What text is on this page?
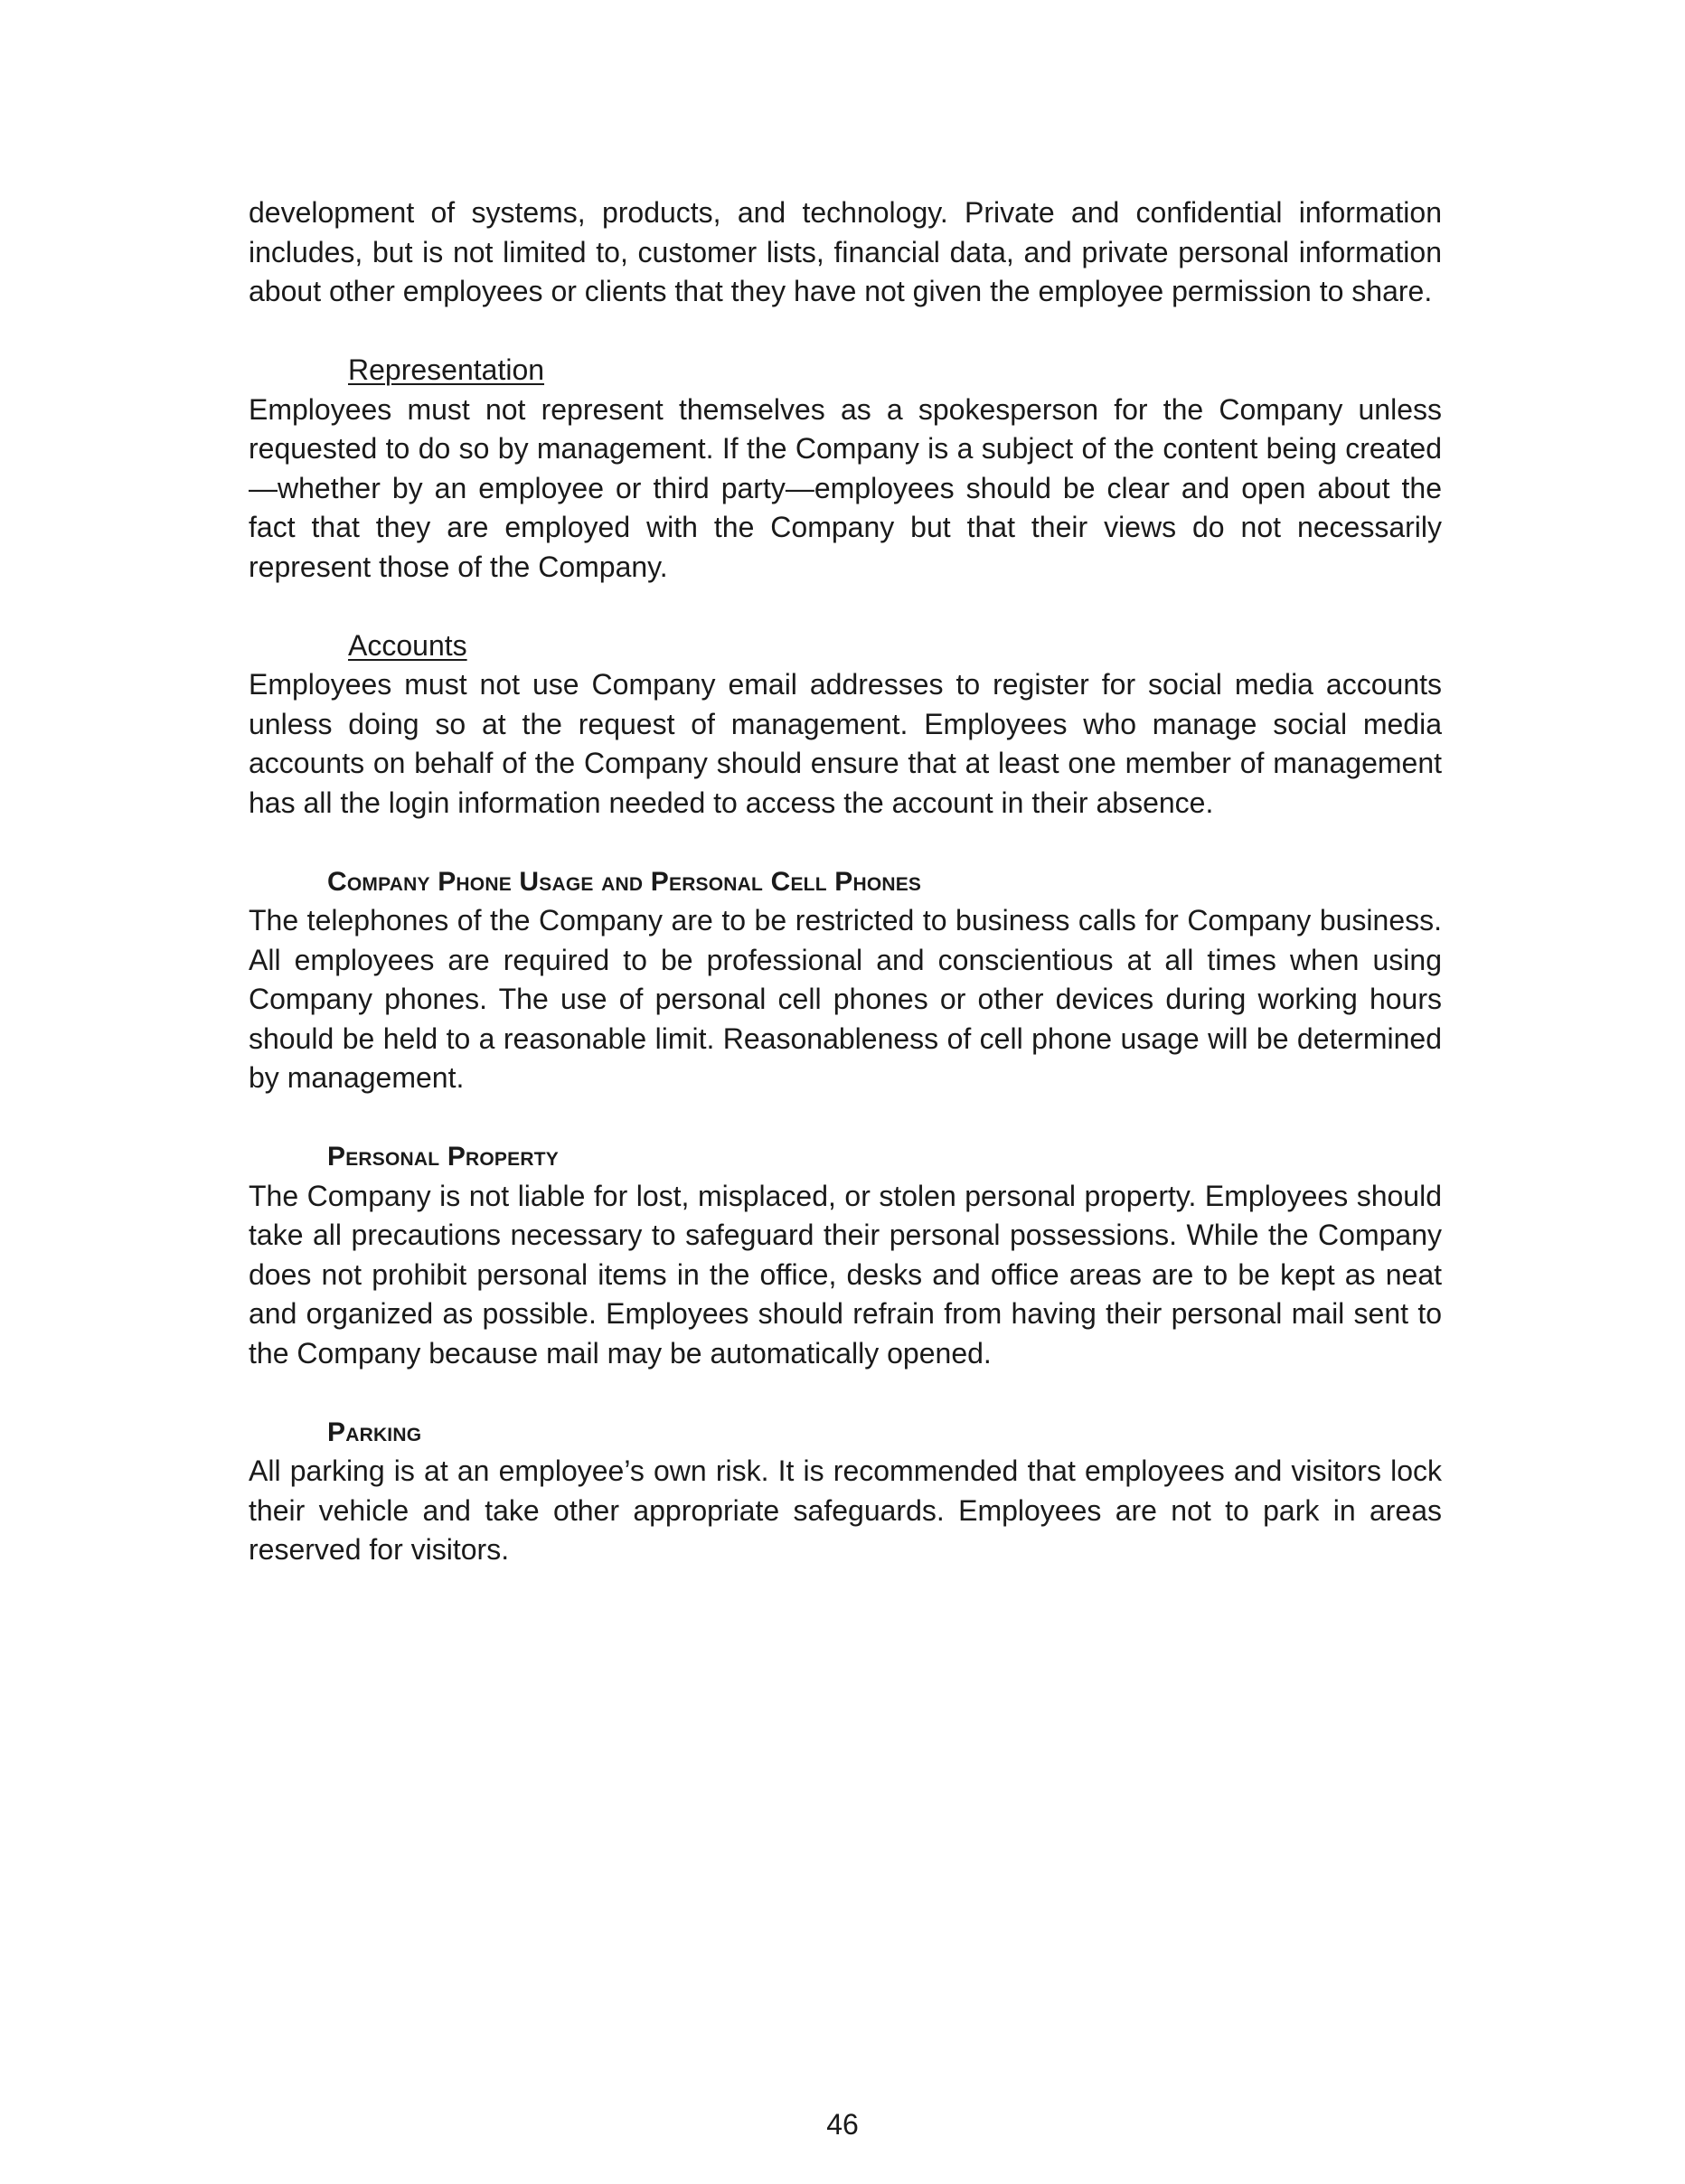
development of systems, products, and technology. Private and confidential information includes, but is not limited to, customer lists, financial data, and private personal information about other employees or clients that they have not given the employee permission to share.

Representation

Employees must not represent themselves as a spokesperson for the Company unless requested to do so by management. If the Company is a subject of the content being created—whether by an employee or third party—employees should be clear and open about the fact that they are employed with the Company but that their views do not necessarily represent those of the Company.

Accounts

Employees must not use Company email addresses to register for social media accounts unless doing so at the request of management. Employees who manage social media accounts on behalf of the Company should ensure that at least one member of management has all the login information needed to access the account in their absence.

Company Phone Usage and Personal Cell Phones

The telephones of the Company are to be restricted to business calls for Company business. All employees are required to be professional and conscientious at all times when using Company phones. The use of personal cell phones or other devices during working hours should be held to a reasonable limit. Reasonableness of cell phone usage will be determined by management.

Personal Property

The Company is not liable for lost, misplaced, or stolen personal property. Employees should take all precautions necessary to safeguard their personal possessions. While the Company does not prohibit personal items in the office, desks and office areas are to be kept as neat and organized as possible. Employees should refrain from having their personal mail sent to the Company because mail may be automatically opened.

Parking

All parking is at an employee’s own risk. It is recommended that employees and visitors lock their vehicle and take other appropriate safeguards. Employees are not to park in areas reserved for visitors.

46
